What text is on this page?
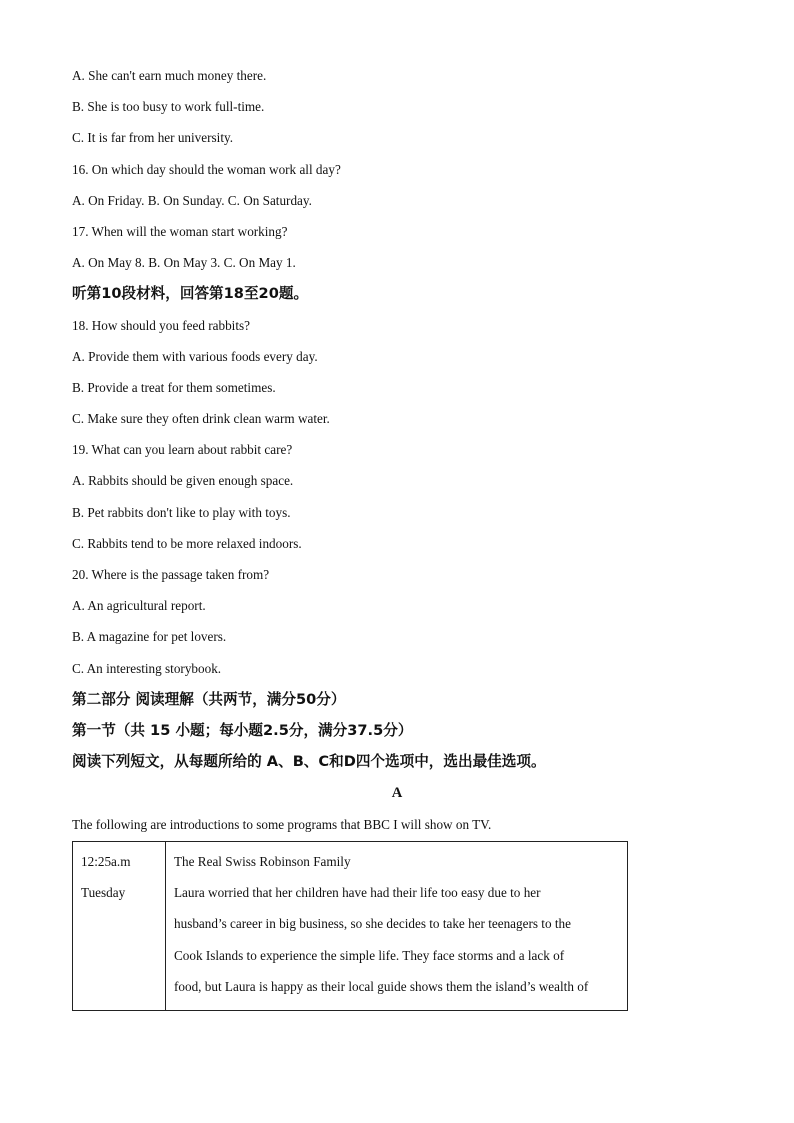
A. She can't earn much money there.
B. She is too busy to work full-time.
C. It is far from her university.
16. On which day should the woman work all day?
A. On Friday. B. On Sunday. C. On Saturday.
17. When will the woman start working?
A. On May 8. B. On May 3. C. On May 1.
听第10段材料，回答第18至20题。
18. How should you feed rabbits?
A. Provide them with various foods every day.
B. Provide a treat for them sometimes.
C. Make sure they often drink clean warm water.
19. What can you learn about rabbit care?
A. Rabbits should be given enough space.
B. Pet rabbits don't like to play with toys.
C. Rabbits tend to be more relaxed indoors.
20. Where is the passage taken from?
A. An agricultural report.
B. A magazine for pet lovers.
C. An interesting storybook.
第二部分 阅读理解（共两节，满分50分）
第一节（共 15 小题；每小题2.5分，满分37.5分）
阅读下列短文，从每题所给的 A、B、C和D四个选项中，选出最佳选项。
A
The following are introductions to some programs that BBC I will show on TV.
12:25a.m
Tuesday

The Real Swiss Robinson Family
Laura worried that her children have had their life too easy due to her
husband’s career in big business, so she decides to take her teenagers to the
Cook Islands to experience the simple life. They face storms and a lack of
food, but Laura is happy as their local guide shows them the island’s wealth of
